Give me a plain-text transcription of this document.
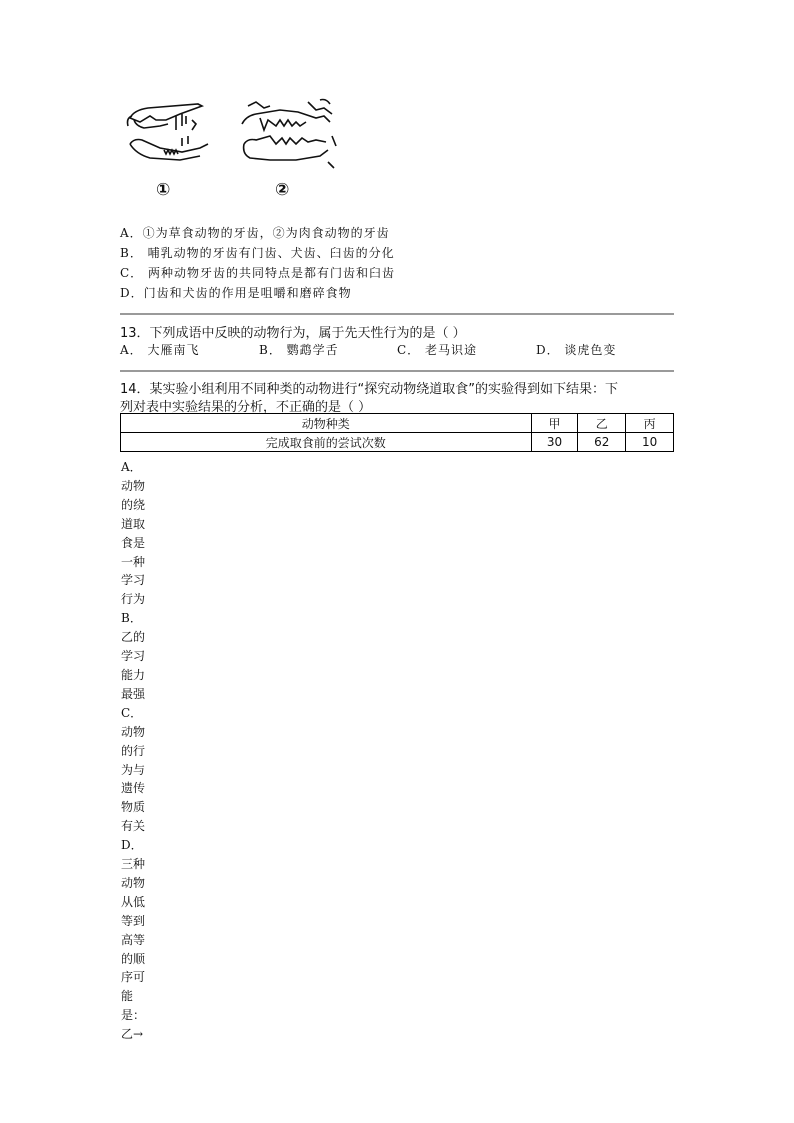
①	②
A．①为草食动物的牙齿，②为肉食动物的牙齿
B． 哺乳动物的牙齿有门齿、犬齿、臼齿的分化
C． 两种动物牙齿的共同特点是都有门齿和臼齿
D．门齿和犬齿的作用是咀嚼和磨碎食物
13．下列成语中反映的动物行为，属于先天性行为的是（ ）
A． 大雁南飞	B． 鹦鹉学舌	C． 老马识途	D． 谈虎色变
14．某实验小组利用不同种类的动物进行“探究动物绕道取食”的实验得到如下结果：下
列对表中实验结果的分析，不正确的是（ ）
动物种类	甲	乙	丙
完成取食前的尝试次数	30	62	10
A．
动物
的绕
道取
食是
一种
学习
行为
B．
乙的
学习
能力
最强
C．
动物
的行
为与
遗传
物质
有关
D．
三种
动物
从低
等到
高等
的顺
序可
能
是：
乙→
